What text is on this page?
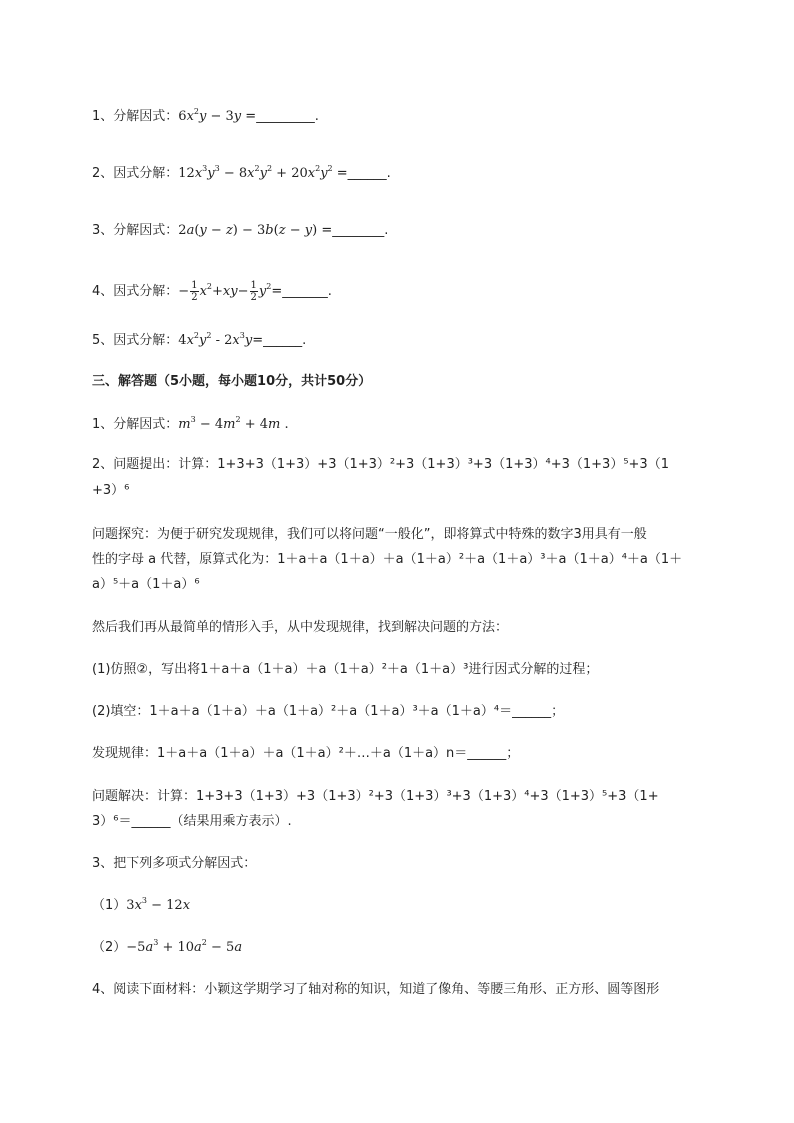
1、分解因式：$6x^2y - 3y$ =_________.
2、因式分解：$12x^3y^3 - 8x^2y^2 + 20x^2y^2$ =______.
3、分解因式：2a(y − z) − 3b(z − y) =________.
4、因式分解：− $\frac{1}{2} x^2+xy- \frac{1}{2}$ $y^2=\_\_\_\_\_\_\_$.
5、因式分解：$4x^2y^2$ - $2x^3y=\_\_\_\_\_\_$.
三、解答题（5小题，每小题10分，共计50分）
1、分解因式：$m^3 - 4m^2 + 4m$ .
2、问题提出：计算：1+3+3（1+3）+3（1+3）²+3（1+3）³+3（1+3）⁴+3（1+3）⁵+3（1
+3）⁶
问题探究：为便于研究发现规律，我们可以将问题“一般化”，即将算式中特殊的数字3用具有一般
性的字母 a 代替，原算式化为：1＋a＋a（1＋a）＋a（1＋a）²＋a（1＋a）³＋a（1＋a）⁴＋a（1＋
a）⁵＋a（1＋a）⁶
然后我们再从最简单的情形入手，从中发现规律，找到解决问题的方法：
(1)仿照②，写出将1＋a＋a（1＋a）＋a（1＋a）²＋a（1＋a）³进行因式分解的过程；
(2)填空：1＋a＋a（1＋a）＋a（1＋a）²＋a（1＋a）³＋a（1＋a）⁴＝______；
发现规律：1＋a＋a（1＋a）＋a（1＋a）²＋…＋a（1＋a）n＝______；
问题解决：计算：1+3+3（1+3）+3（1+3）²+3（1+3）³+3（1+3）⁴+3（1+3）⁵+3（1+
3）⁶＝______（结果用乘方表示）.
3、把下列多项式分解因式：
$(1)3x^3 - 12x$
$(2)-5a^3 + 10a^2 - 5a$
4、阅读下面材料：小颖这学期学习了轴对称的知识，知道了像角、等腰三角形、正方形、圆等图形
